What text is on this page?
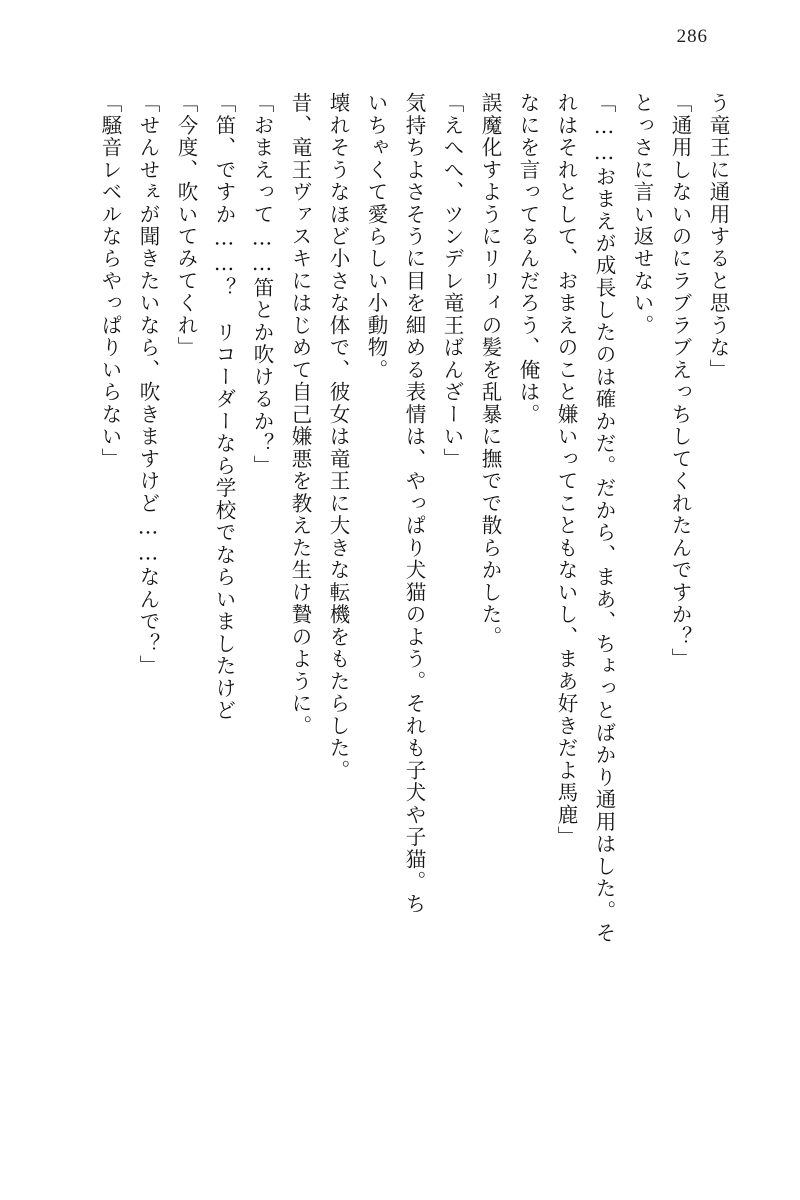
286
う竜王に通用すると思うな」
「通用しないのにラブラブえっちしてくれたんですか？」
とっさに言い返せない。
「……おまえが成長したのは確かだ。だから、まあ、ちょっとばかり通用はした。そ
れはそれとして、おまえのこと嫌いってこともないし、まあ好きだよ馬鹿」
なにを言ってるんだろう、俺は。
誤魔化すようにリリィの髪を乱暴に撫でで散らかした。
「えへへ、ツンデレ竜王ばんざーい」
気持ちよさそうに目を細める表情は、やっぱり犬猫のよう。それも子犬や子猫。ち
いちゃくて愛らしい小動物。
壊れそうなほど小さな体で、彼女は竜王に大きな転機をもたらした。
昔、竜王ヴァスキにはじめて自己嫌悪を教えた生け贄のように。
「おまえって……笛とか吹けるか？」
「笛、ですか……？　リコーダーなら学校でならいましたけど
「今度、吹いてみてくれ」
「せんせぇが聞きたいなら、吹きますけど……なんで？」
「騒音レベルならやっぱりいらない」
